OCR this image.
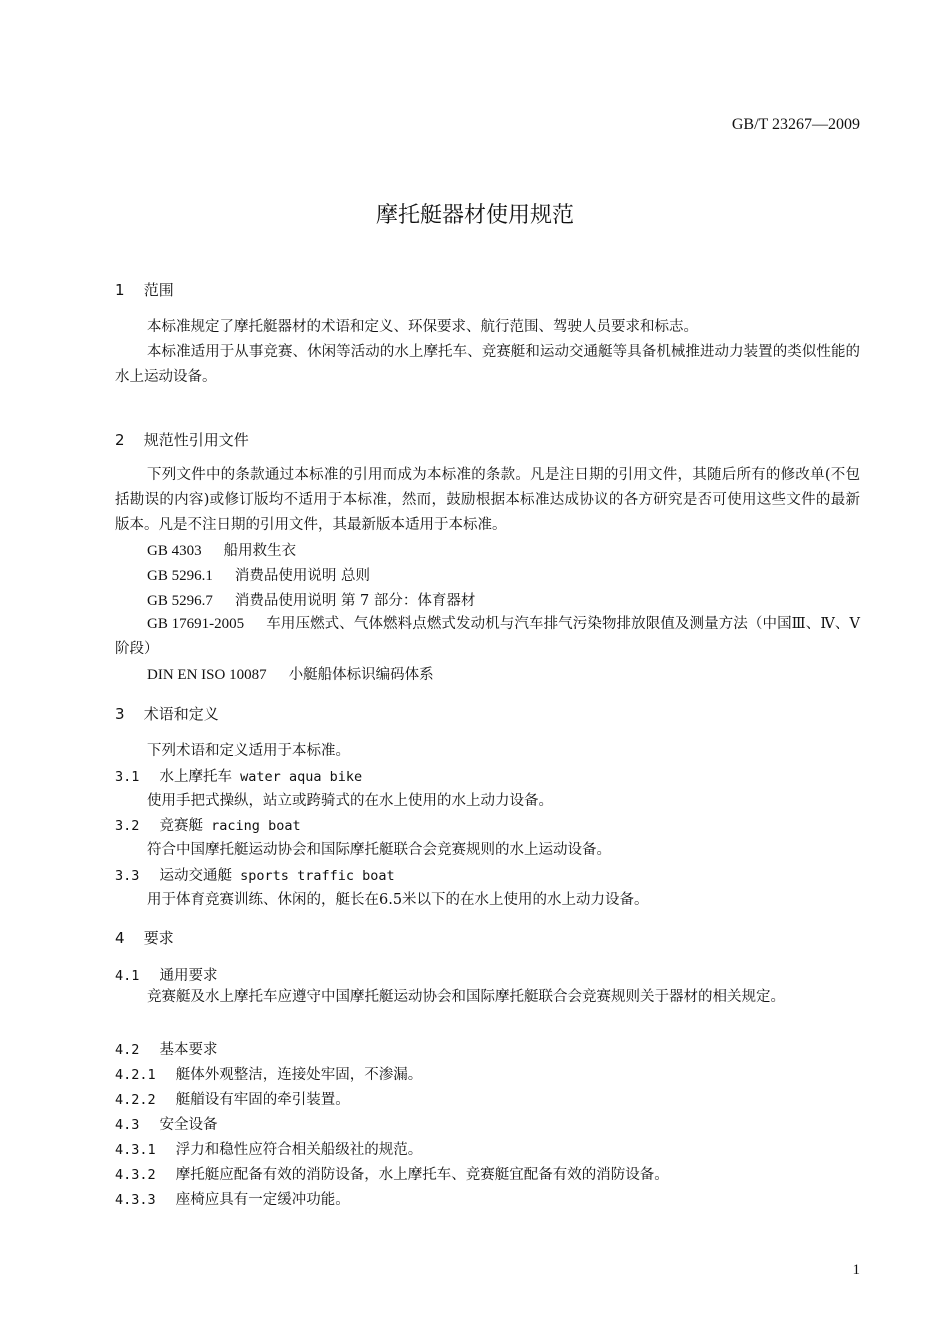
GB/T 23267—2009
摩托艇器材使用规范
1 范围
本标准规定了摩托艇器材的术语和定义、环保要求、航行范围、驾驶人员要求和标志。
本标准适用于从事竞赛、休闲等活动的水上摩托车、竞赛艇和运动交通艇等具备机械推进动力装置的类似性能的水上运动设备。
2 规范性引用文件
下列文件中的条款通过本标准的引用而成为本标准的条款。凡是注日期的引用文件，其随后所有的修改单(不包括勘误的内容)或修订版均不适用于本标准，然而，鼓励根据本标准达成协议的各方研究是否可使用这些文件的最新版本。凡是不注日期的引用文件，其最新版本适用于本标准。
GB 4303 船用救生衣
GB 5296.1 消费品使用说明 总则
GB 5296.7 消费品使用说明 第 7 部分：体育器材
GB 17691-2005 车用压燃式、气体燃料点燃式发动机与汽车排气污染物排放限值及测量方法（中国Ⅲ、Ⅳ、Ⅴ阶段）
DIN EN ISO 10087 小艇船体标识编码体系
3 术语和定义
下列术语和定义适用于本标准。
3.1 水上摩托车 water aqua bike
使用手把式操纵，站立或跨骑式的在水上使用的水上动力设备。
3.2 竞赛艇 racing boat
符合中国摩托艇运动协会和国际摩托艇联合会竞赛规则的水上运动设备。
3.3 运动交通艇 sports traffic boat
用于体育竞赛训练、休闲的，艇长在6.5米以下的在水上使用的水上动力设备。
4 要求
4.1 通用要求
竞赛艇及水上摩托车应遵守中国摩托艇运动协会和国际摩托艇联合会竞赛规则关于器材的相关规定。
4.2 基本要求
4.2.1 艇体外观整洁，连接处牢固，不渗漏。
4.2.2 艇艏设有牢固的牵引装置。
4.3 安全设备
4.3.1 浮力和稳性应符合相关船级社的规范。
4.3.2 摩托艇应配备有效的消防设备，水上摩托车、竞赛艇宜配备有效的消防设备。
4.3.3 座椅应具有一定缓冲功能。
1
